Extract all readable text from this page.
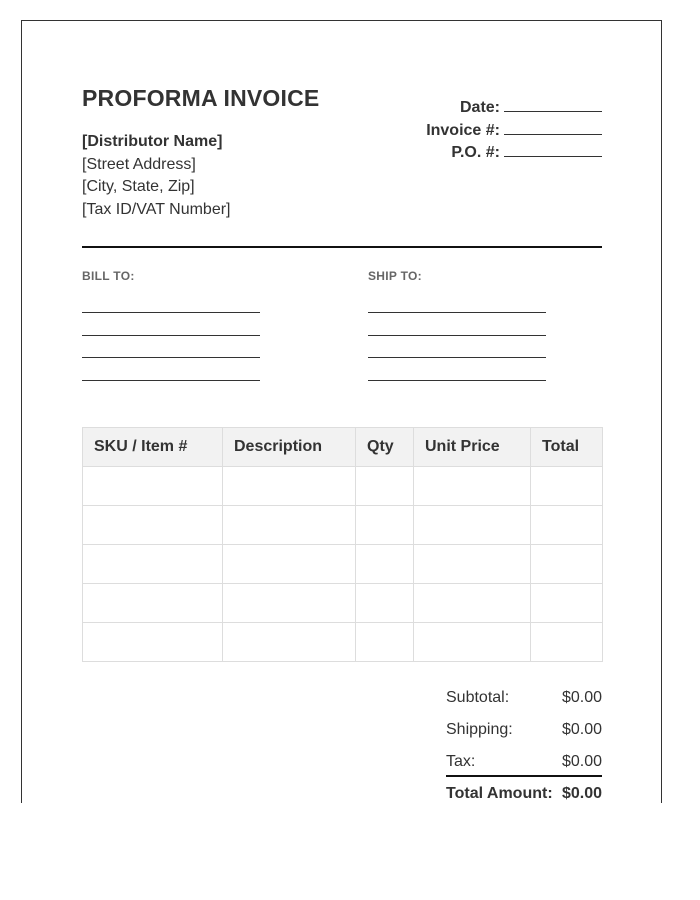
PROFORMA INVOICE
[Distributor Name]
[Street Address]
[City, State, Zip]
[Tax ID/VAT Number]
Date:
Invoice #:
P.O. #:
BILL TO:	SHIP TO:
SKU / Item #	Description	Qty	Unit Price	Total

Subtotal:	$0.00
Shipping:	$0.00
Tax:	$0.00
Total Amount: $0.00
